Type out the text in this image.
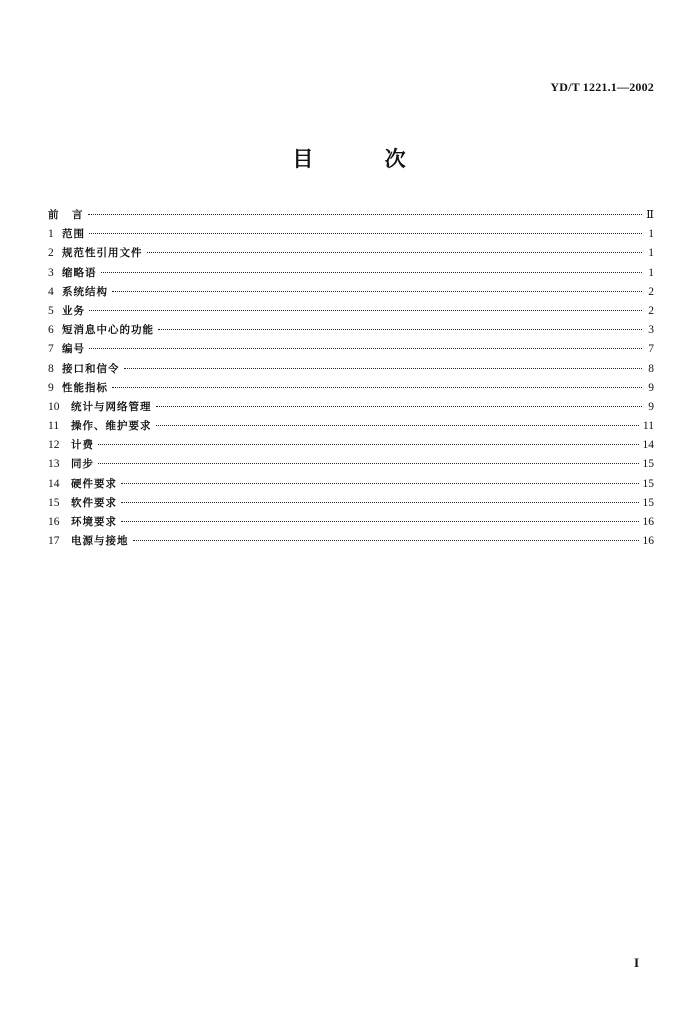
YD/T 1221.1—2002
目 次
前	言	Ⅱ
1 范围	1
2 规范性引用文件	1
3 缩略语	1
4 系统结构	2
5 业务	2
6 短消息中心的功能	3
7 编号	7
8 接口和信令	8
9 性能指标	9
10	统计与网络管理	9
11	操作、维护要求	11
12	计费	14
13	同步	15
14	硬件要求	15
15	软件要求	15
16	环境要求	16
17	电源与接地	16
I
